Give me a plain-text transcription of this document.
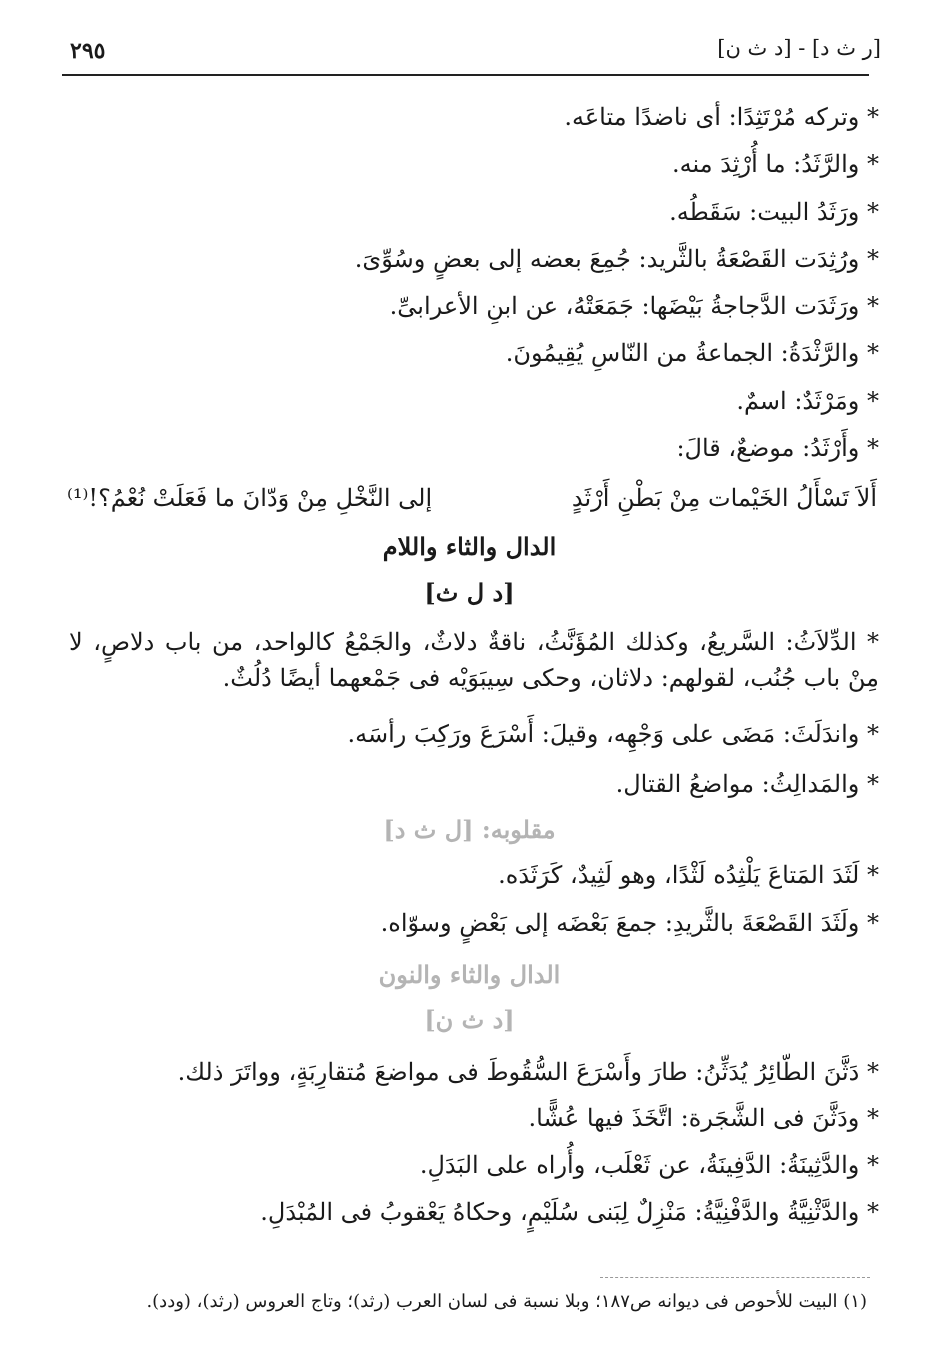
[ر ث د] - [د ث ن]
٢٩٥
* وتركه مُرْتَثِدًا: أى ناضدًا متاعَه.
* والرَّثَدُ: ما أُرْثِدَ منه.
* ورَثَدُ البيت: سَقَطُه.
* ورُثِدَت القَصْعَةُ بالثَّريد: جُمِعَ بعضه إلى بعضٍ وسُوِّىَ.
* ورَثَدَت الدَّجاجةُ بَيْضَها: جَمَعَتْهُ، عن ابنِ الأعرابىِّ.
* والرَّثْدَةُ: الجماعةُ من النّاسِ يُقِيمُونَ.
* ومَرْثَدٌ: اسمٌ.
* وأَرْثَدُ: موضعٌ، قالَ:
أَلاَ تَسْأَلُ الخَيْمات مِنْ بَطْنِ أَرْثَدٍ
إلى النَّخْلِ مِنْ وَدّانَ ما فَعَلَتْ نُعْمُ؟!⁽¹⁾
الدال والثاء واللام
[د ل ث]
* الدِّلاَثُ: السَّريعُ، وكذلك المُؤَنَّثُ، ناقةٌ دلاثٌ، والجَمْعُ كالواحد، من باب دلاصٍ، لا مِنْ باب جُنُب، لقولهم: دلاثان، وحكى سِيبَوَيْه فى جَمْعهما أيضًا دُلُثٌ.
* واندَلَثَ: مَضَى على وَجْهِه، وقيلَ: أَسْرَعَ ورَكِبَ رأسَه.
* والمَدالِثُ: مواضعُ القتال.
مقلوبه: [ل ث د]
* لَثَدَ المَتاعَ يَلْثِدُه لَثْدًا، وهو لَثِيدٌ، كَرَثَدَه.
* ولَثَدَ القَصْعَةَ بالثَّريدِ: جمعَ بَعْضَه إلى بَعْضٍ وسوّاه.
الدال والثاء والنون
[د ث ن]
* دَثَّنَ الطّائِرُ يُدَثِّنُ: طارَ وأَسْرَعَ السُّقُوطَ فى مواضعَ مُتقارِبَةٍ، وواتَرَ ذلك.
* ودَثَّنَ فى الشَّجَرة: اتَّخَذَ فيها عُشًّا.
* والدَّثِينَةُ: الدَّفِينَةُ، عن ثَعْلَب، وأُراه على البَدَلِ.
* والدَّثْنِيَّةُ والدَّفْنِيَّةُ: مَنْزِلٌ لِبَنى سُلَيْمٍ، وحكاهُ يَعْقوبُ فى المُبْدَلِ.
(١) البيت للأحوص فى ديوانه ص١٨٧؛ وبلا نسبة فى لسان العرب (رثد)؛ وتاج العروس (رثد)، (ودد).
